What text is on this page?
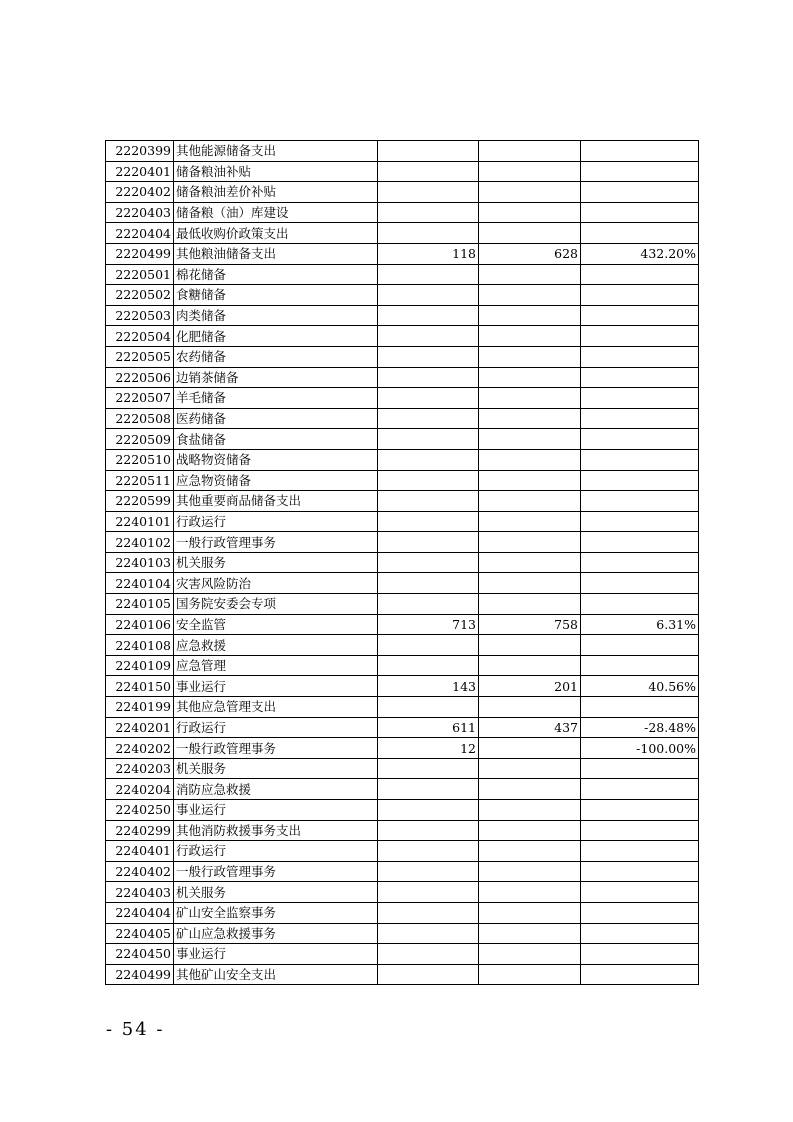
2220399	其他能源储备支出			
2220401	储备粮油补贴			
2220402	储备粮油差价补贴			
2220403	储备粮（油）库建设			
2220404	最低收购价政策支出			
2220499	其他粮油储备支出	118	628	432.20%
2220501	棉花储备			
2220502	食糖储备			
2220503	肉类储备			
2220504	化肥储备			
2220505	农药储备			
2220506	边销茶储备			
2220507	羊毛储备			
2220508	医药储备			
2220509	食盐储备			
2220510	战略物资储备			
2220511	应急物资储备			
2220599	其他重要商品储备支出			
2240101	行政运行			
2240102	一般行政管理事务			
2240103	机关服务			
2240104	灾害风险防治			
2240105	国务院安委会专项			
2240106	安全监管	713	758	6.31%
2240108	应急救援			
2240109	应急管理			
2240150	事业运行	143	201	40.56%
2240199	其他应急管理支出			
2240201	行政运行	611	437	-28.48%
2240202	一般行政管理事务	12		-100.00%
2240203	机关服务			
2240204	消防应急救援			
2240250	事业运行			
2240299	其他消防救援事务支出			
2240401	行政运行			
2240402	一般行政管理事务			
2240403	机关服务			
2240404	矿山安全监察事务			
2240405	矿山应急救援事务			
2240450	事业运行			
2240499	其他矿山安全支出			
- 54 -
